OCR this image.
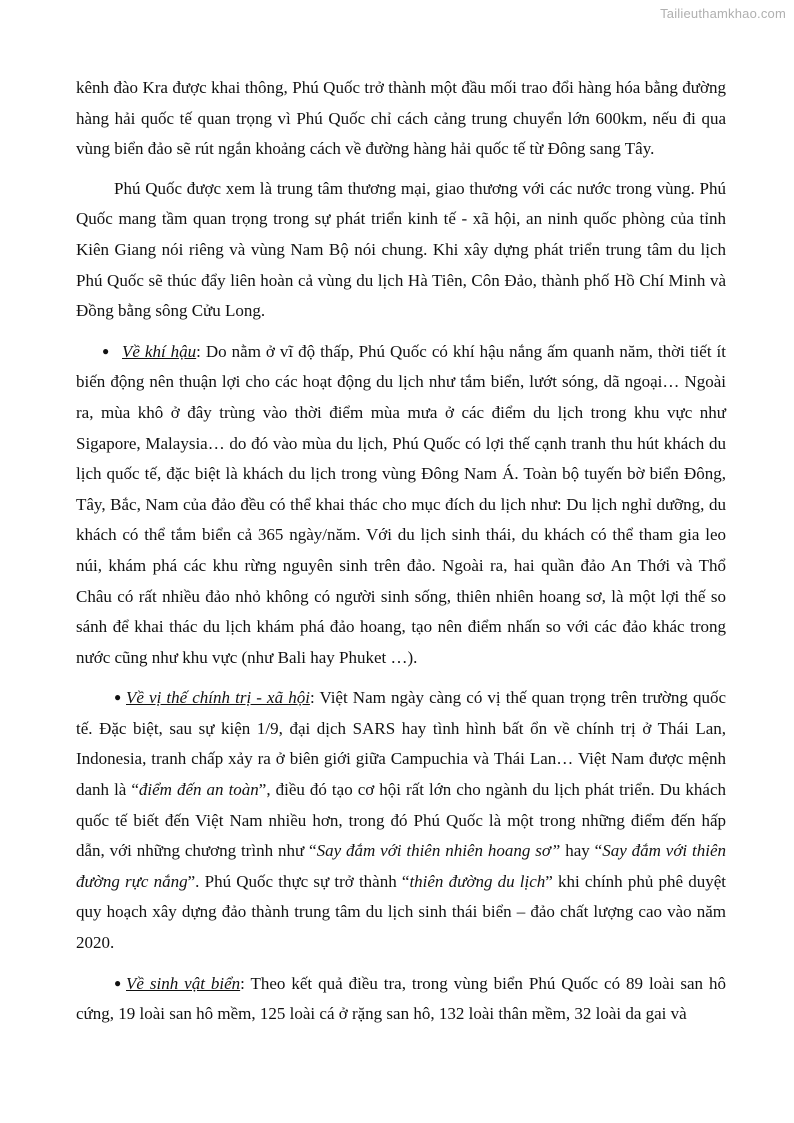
Tailieuthamkhao.com

kênh đào Kra được khai thông, Phú Quốc trở thành một đầu mối trao đổi hàng hóa bằng đường hàng hải quốc tế quan trọng vì Phú Quốc chỉ cách cảng trung chuyển lớn 600km, nếu đi qua vùng biển đảo sẽ rút ngắn khoảng cách về đường hàng hải quốc tế từ Đông sang Tây.

Phú Quốc được xem là trung tâm thương mại, giao thương với các nước trong vùng. Phú Quốc mang tầm quan trọng trong sự phát triển kinh tế - xã hội, an ninh quốc phòng của tỉnh Kiên Giang nói riêng và vùng Nam Bộ nói chung. Khi xây dựng phát triển trung tâm du lịch Phú Quốc sẽ thúc đẩy liên hoàn cả vùng du lịch Hà Tiên, Côn Đảo, thành phố Hồ Chí Minh và Đồng bằng sông Cửu Long.

● Về khí hậu: Do nằm ở vĩ độ thấp, Phú Quốc có khí hậu nắng ấm quanh năm, thời tiết ít biến động nên thuận lợi cho các hoạt động du lịch như tắm biển, lướt sóng, dã ngoại… Ngoài ra, mùa khô ở đây trùng vào thời điểm mùa mưa ở các điểm du lịch trong khu vực như Sigapore, Malaysia… do đó vào mùa du lịch, Phú Quốc có lợi thế cạnh tranh thu hút khách du lịch quốc tế, đặc biệt là khách du lịch trong vùng Đông Nam Á. Toàn bộ tuyến bờ biển Đông, Tây, Bắc, Nam của đảo đều có thể khai thác cho mục đích du lịch như: Du lịch nghỉ dưỡng, du khách có thể tắm biển cả 365 ngày/năm. Với du lịch sinh thái, du khách có thể tham gia leo núi, khám phá các khu rừng nguyên sinh trên đảo. Ngoài ra, hai quần đảo An Thới và Thổ Châu có rất nhiều đảo nhỏ không có người sinh sống, thiên nhiên hoang sơ, là một lợi thế so sánh để khai thác du lịch khám phá đảo hoang, tạo nên điểm nhấn so với các đảo khác trong nước cũng như khu vực (như Bali hay Phuket …).

● Về vị thế chính trị - xã hội: Việt Nam ngày càng có vị thế quan trọng trên trường quốc tế. Đặc biệt, sau sự kiện 1/9, đại dịch SARS hay tình hình bất ổn về chính trị ở Thái Lan, Indonesia, tranh chấp xảy ra ở biên giới giữa Campuchia và Thái Lan… Việt Nam được mệnh danh là “điểm đến an toàn”, điều đó tạo cơ hội rất lớn cho ngành du lịch phát triển. Du khách quốc tế biết đến Việt Nam nhiều hơn, trong đó Phú Quốc là một trong những điểm đến hấp dẫn, với những chương trình như “Say đắm với thiên nhiên hoang sơ” hay “Say đắm với thiên đường rực nắng”. Phú Quốc thực sự trở thành “thiên đường du lịch” khi chính phủ phê duyệt quy hoạch xây dựng đảo thành trung tâm du lịch sinh thái biển – đảo chất lượng cao vào năm 2020.

● Về sinh vật biển: Theo kết quả điều tra, trong vùng biển Phú Quốc có 89 loài san hô cứng, 19 loài san hô mềm, 125 loài cá ở rặng san hô, 132 loài thân mềm, 32 loài da gai và
